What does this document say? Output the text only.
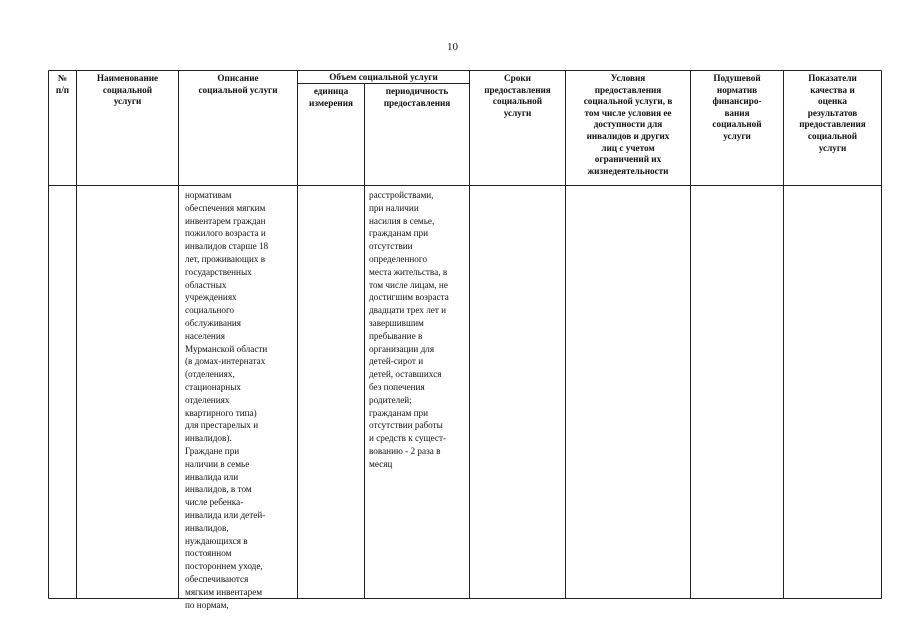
10
№
п/п
Наименование
социальной
услуги
Описание
социальной услуги
Объем социальной услуги
единица
измерения
периодичность
предоставления
Сроки
предоставления
социальной
услуги
Условия
предоставления
социальной услуги, в
том числе условия ее
доступности для
инвалидов и других
лиц с учетом
ограничений их
жизнедеятельности
Подушевой
норматив
финансиро-
вания
социальной
услуги
Показатели
качества и
оценка
результатов
предоставления
социальной
услуги
нормативам
обеспечения мягким
инвентарем граждан
пожилого возраста и
инвалидов старше 18
лет, проживающих в
государственных
областных
учреждениях
социального
обслуживания
населения
Мурманской области
(в домах-интернатах
(отделениях,
стационарных
отделениях
квартирного типа)
для престарелых и
инвалидов).
Граждане при
наличии в семье
инвалида или
инвалидов, в том
числе ребенка-
инвалида или детей-
инвалидов,
нуждающихся в
постоянном
постороннем уходе,
обеспечиваются
мягким инвентарем
по нормам,
расстройствами,
при наличии
насилия в семье,
гражданам при
отсутствии
определенного
места жительства, в
том числе лицам, не
достигшим возраста
двадцати трех лет и
завершившим
пребывание в
организации для
детей-сирот и
детей, оставшихся
без попечения
родителей;
гражданам при
отсутствии работы
и средств к сущест-
вованию - 2 раза в
месяц
